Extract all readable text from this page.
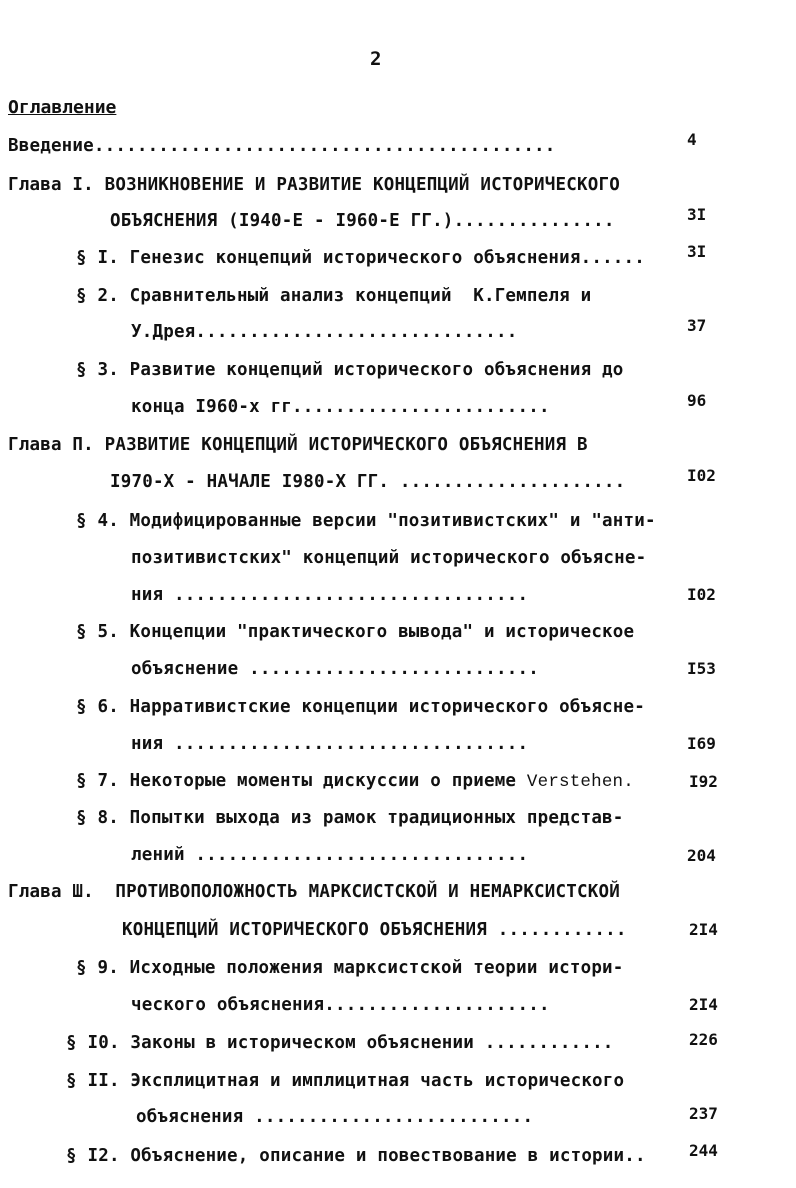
2
Оглавление
Введение...........................................	4
Глава I. ВОЗНИКНОВЕНИЕ И РАЗВИТИЕ КОНЦЕПЦИЙ ИСТОРИЧЕСКОГО
ОБЪЯСНЕНИЯ (I940-Е - I960-Е ГГ.)...............	3I
§ I. Генезис концепций исторического объяснения......	3I
§ 2. Сравнительный анализ концепций  К.Гемпеля и
У.Дрея..............................	37
§ 3. Развитие концепций исторического объяснения до
конца I960-х гг........................	96
Глава П. РАЗВИТИЕ КОНЦЕПЦИЙ ИСТОРИЧЕСКОГО ОБЪЯСНЕНИЯ В
I970-Х - НАЧАЛЕ I980-Х ГГ. .....................	I02
§ 4. Модифицированные версии "позитивистских" и "анти-
позитивистских" концепций исторического объясне-
ния .................................	I02
§ 5. Концепции "практического вывода" и историческое
объяснение ...........................	I53
§ 6. Нарративистские концепции исторического объясне-
ния .................................	I69
§ 7. Некоторые моменты дискуссии о приеме Verstehen.	I92
§ 8. Попытки выхода из рамок традиционных представ-
лений ...............................	204
Глава Ш.  ПРОТИВОПОЛОЖНОСТЬ МАРКСИСТСКОЙ И НЕМАРКСИСТСКОЙ
КОНЦЕПЦИЙ ИСТОРИЧЕСКОГО ОБЪЯСНЕНИЯ ............	2I4
§ 9. Исходные положения марксистской теории истори-
ческого объяснения.....................	2I4
§ I0. Законы в историческом объяснении ............	226
§ II. Эксплицитная и имплицитная часть исторического
объяснения ..........................	237
§ I2. Объяснение, описание и повествование в истории..	244
